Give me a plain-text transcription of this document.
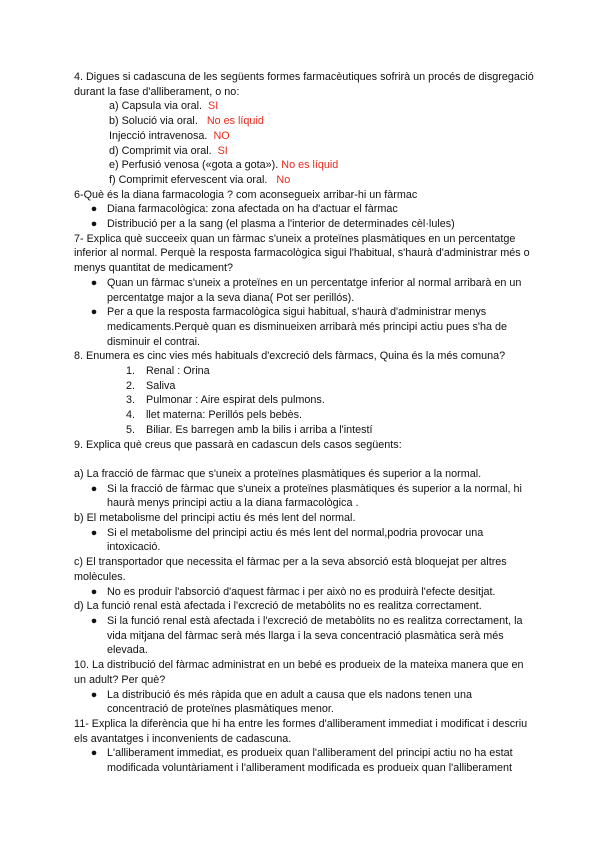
4. Digues si cadascuna de les següents formes farmacèutiques sofrirà un procés de disgregació durant la fase d'alliberament, o no:
a) Capsula via oral. SI
b) Solució via oral. No es líquid
Injecció intravenosa. NO
d) Comprimit via oral. SI
e) Perfusió venosa («gota a gota»). No es líquid
f) Comprimit efervescent via oral. No
6-Què és la diana farmacologia ? com aconsegueix arribar-hi un fàrmac
● Diana farmacològica: zona afectada on ha d'actuar el fàrmac
● Distribució per a la sang (el plasma a l'interior de determinades cèl·lules)
7- Explica què succeeix quan un fàrmac s'uneix a proteïnes plasmàtiques en un percentatge inferior al normal. Perquè la resposta farmacològica sigui l'habitual, s'haurà d'administrar més o menys quantitat de medicament?
● Quan un fàrmac s'uneix a proteïnes en un percentatge inferior al normal arribarà en un percentatge major a la seva diana( Pot ser perillós).
● Per a que la resposta farmacològica sigui habitual, s'haurà d'administrar menys medicaments.Perquè quan es disminueixen arribarà més principi actiu pues s'ha de disminuir el contrai.
8. Enumera es cinc vies més habituals d'excreció dels fàrmacs, Quina és la més comuna?
1. Renal : Orina
2. Saliva
3. Pulmonar : Aire espirat dels pulmons.
4. llet materna: Perillós pels bebès.
5. Biliar. Es barregen amb la bilis i arriba a l'intestí
9. Explica què creus que passarà en cadascun dels casos següents:
a) La fracció de fàrmac que s'uneix a proteïnes plasmàtiques és superior a la normal.
● Si la fracció de fàrmac que s'uneix a proteïnes plasmàtiques és superior a la normal, hi haurà menys principi actiu a la diana farmacològica .
b) El metabolisme del principi actiu és més lent del normal.
● Si el metabolisme del principi actiu és més lent del normal,podria provocar una intoxicació.
c) El transportador que necessita el fàrmac per a la seva absorció està bloquejat per altres molècules.
● No es produir l'absorció d'aquest fàrmac i per això no es produirà l'efecte desitjat.
d) La funció renal està afectada i l'excreció de metabòlits no es realitza correctament.
● Si la funció renal està afectada i l'excreció de metabòlits no es realitza correctament, la vida mitjana del fàrmac serà més llarga i la seva concentració plasmàtica serà més elevada.
10. La distribució del fàrmac administrat en un bebé es produeix de la mateixa manera que en un adult? Per què?
● La distribució és més ràpida que en adult a causa que els nadons tenen una concentració de proteïnes plasmàtiques menor.
11- Explica la diferència que hi ha entre les formes d'alliberament immediat i modificat i descriu els avantatges i inconvenients de cadascuna.
● L'alliberament immediat, es produeix quan l'alliberament del principi actiu no ha estat modificada voluntàriament i l'alliberament modificada es produeix quan l'alliberament
